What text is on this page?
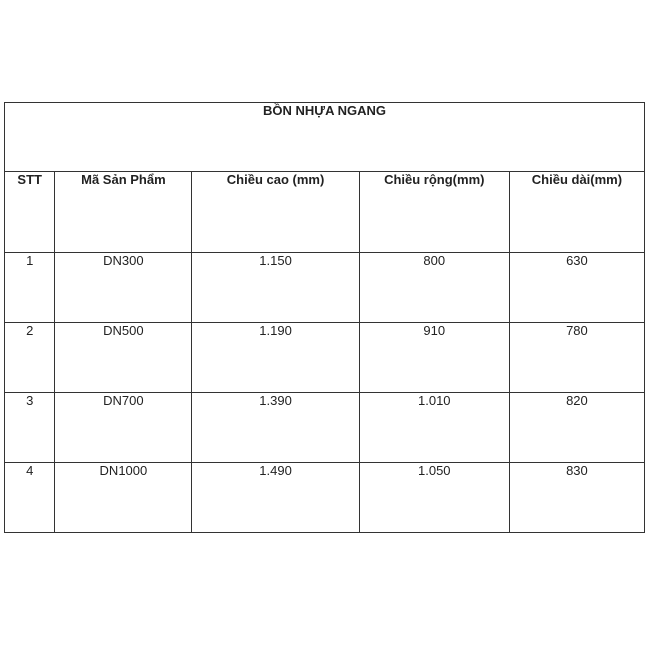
BỒN NHỰA NGANG				
STT	Mã Sản Phẩm	Chiều cao (mm)	Chiều rộng(mm)	Chiều dài(mm)
1	DN300	1.150	800	630
2	DN500	1.190	910	780
3	DN700	1.390	1.010	820
4	DN1000	1.490	1.050	830
